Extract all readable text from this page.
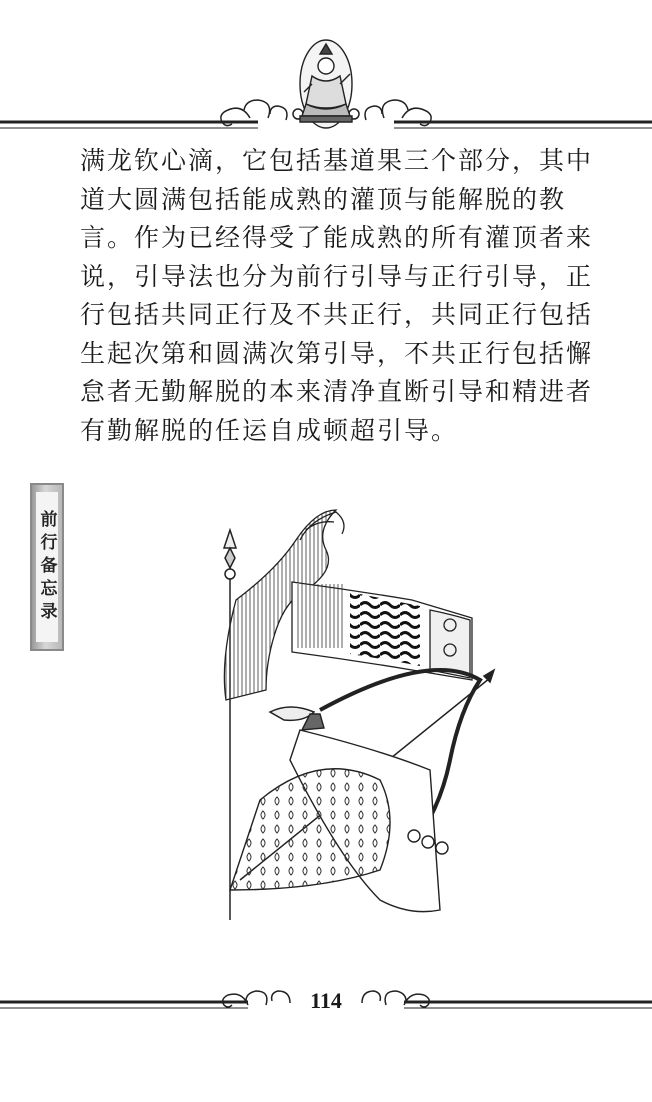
满龙钦心滴，它包括基道果三个部分，其中道大圆满包括能成熟的灌顶与能解脱的教言。作为已经得受了能成熟的所有灌顶者来说，引导法也分为前行引导与正行引导，正行包括共同正行及不共正行，共同正行包括生起次第和圆满次第引导，不共正行包括懈怠者无勤解脱的本来清净直断引导和精进者有勤解脱的任运自成顿超引导。

前行备忘录
114
